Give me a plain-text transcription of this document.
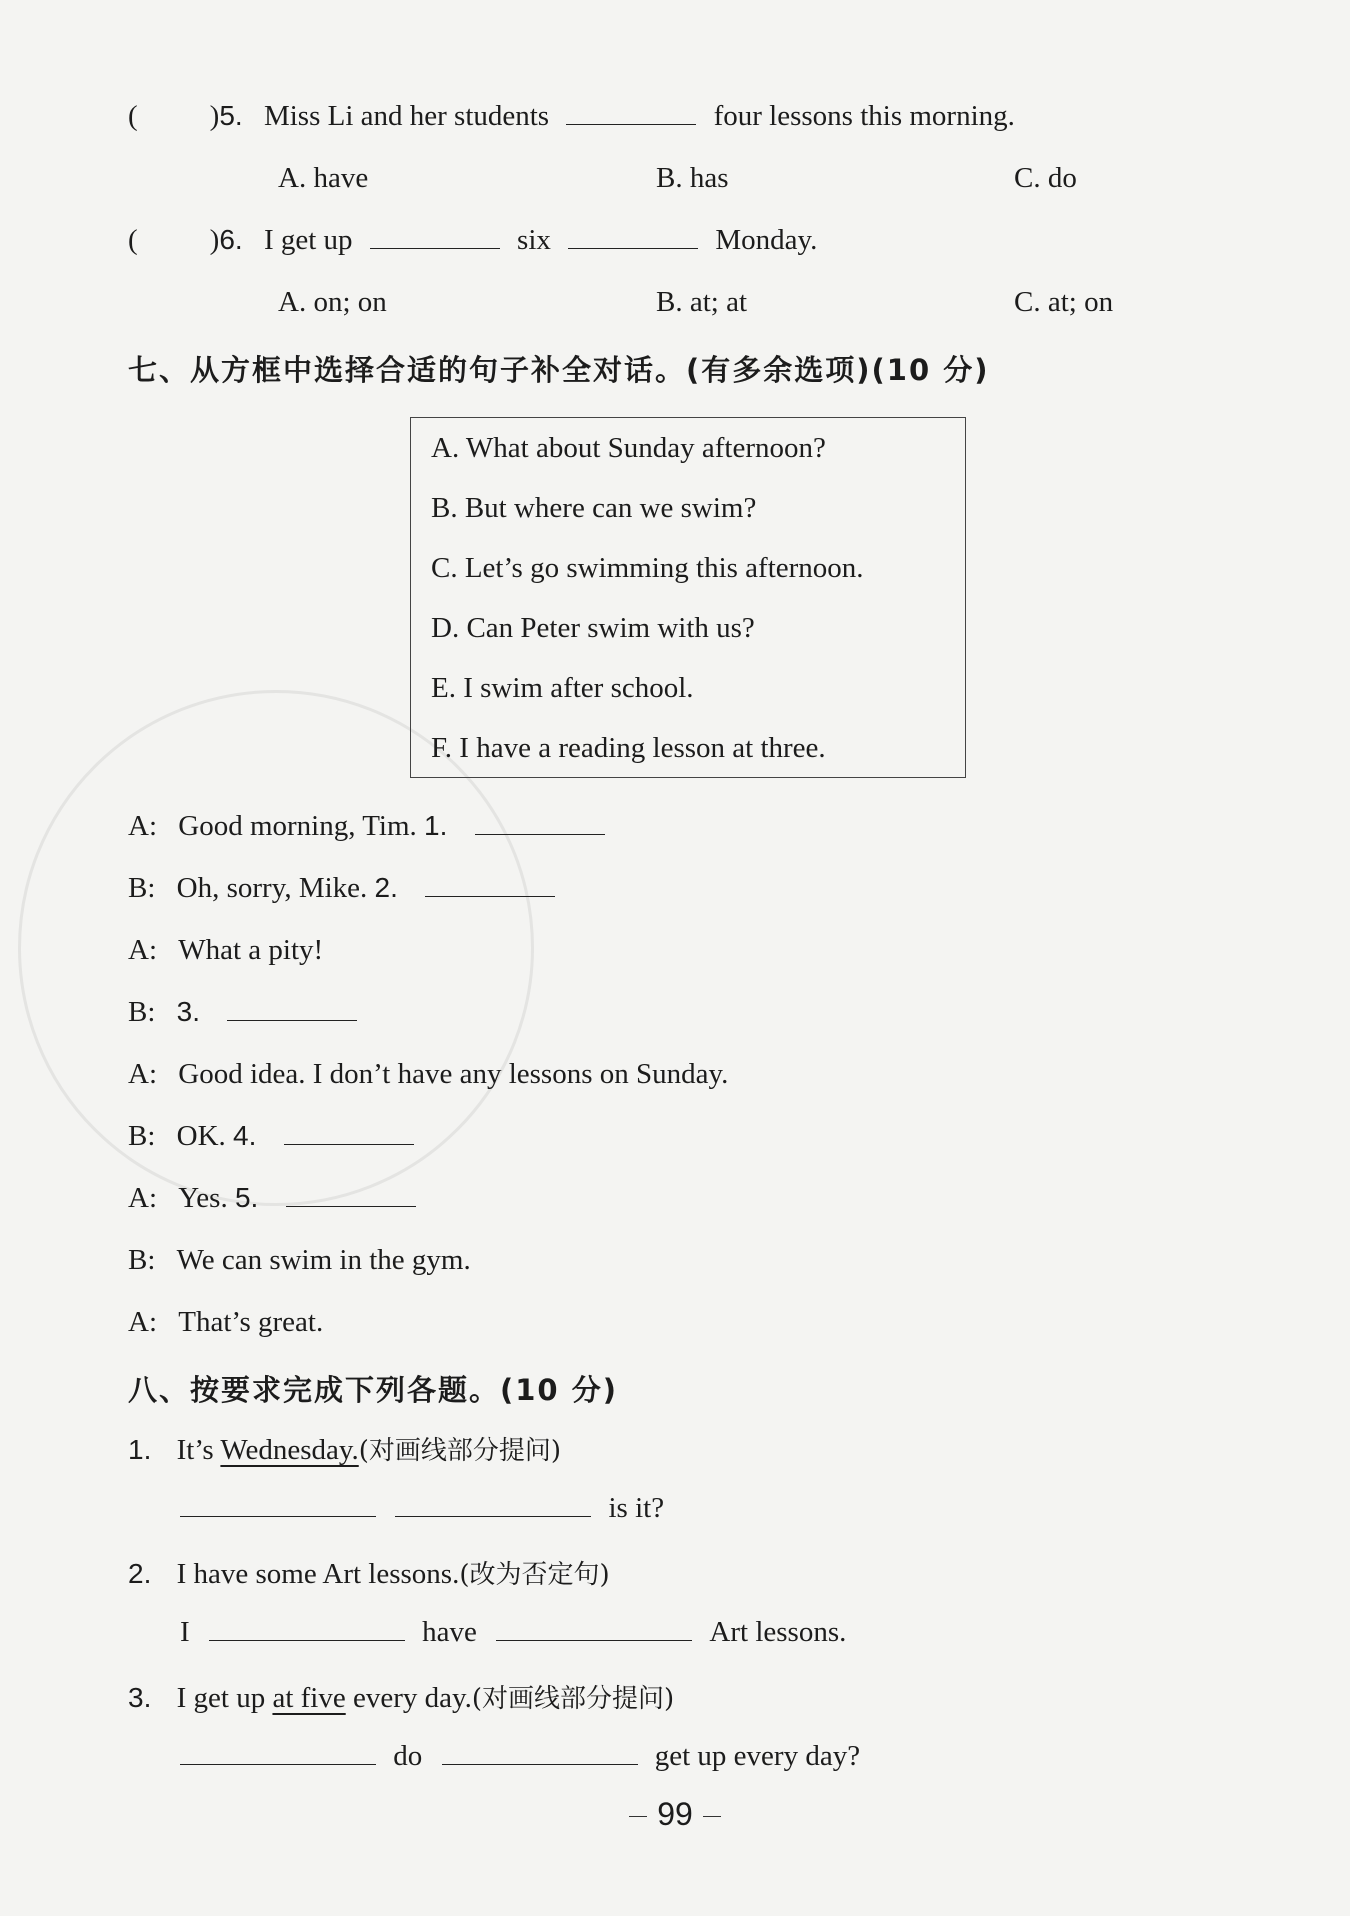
( )5. Miss Li and her students	four lessons this morning.
A. have	B. has	C. do
( )6. I get up	six	Monday.
A. on; on	B. at; at	C. at; on
七、从方框中选择合适的句子补全对话。(有多余选项)(10 分)
A. What about Sunday afternoon?
B. But where can we swim?
C. Let’s go swimming this afternoon.
D. Can Peter swim with us?
E. I swim after school.
F. I have a reading lesson at three.
A: Good morning, Tim. 1.
B: Oh, sorry, Mike. 2.
A: What a pity!
B: 3.
A: Good idea. I don’t have any lessons on Sunday.
B: OK. 4.
A: Yes. 5.
B: We can swim in the gym.
A: That’s great.
八、按要求完成下列各题。(10 分)
1. It’s Wednesday.(对画线部分提问)
is it?
2. I have some Art lessons.(改为否定句)
I	have	Art lessons.
3. I get up at five every day.(对画线部分提问)
do	get up every day?
99
